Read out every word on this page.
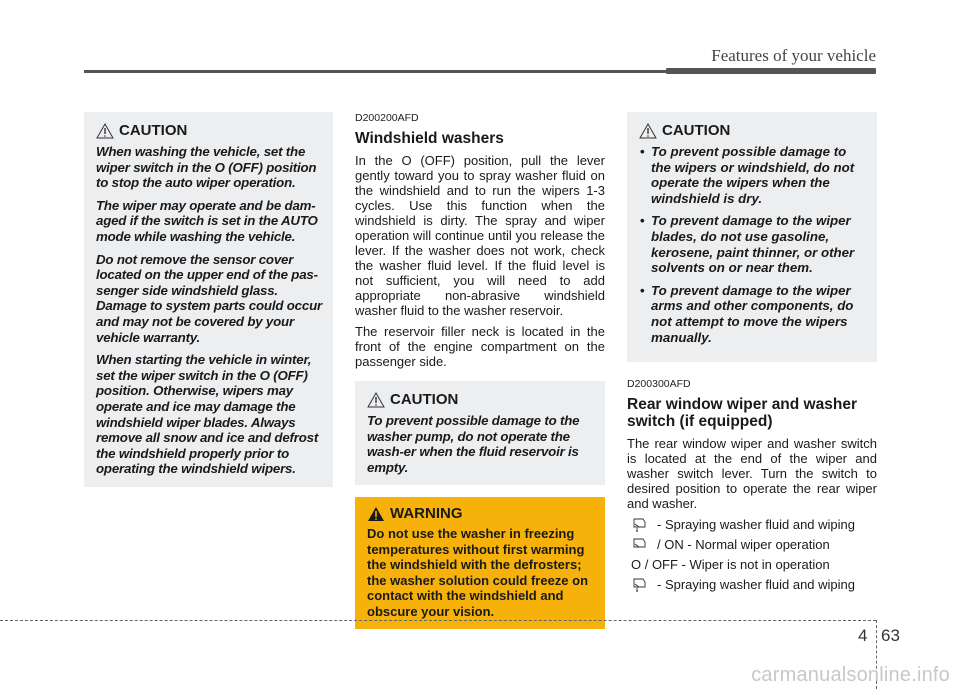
Features of your vehicle
CAUTION

When washing the vehicle, set the wiper switch in the O (OFF) position to stop the auto wiper operation.

The wiper may operate and be dam-aged if the switch is set in the AUTO mode while washing the vehicle.

Do not remove the sensor cover located on the upper end of the pas-senger side windshield glass. Damage to system parts could occur and may not be covered by your vehicle warranty.

When starting the vehicle in winter, set the wiper switch in the O (OFF) position. Otherwise, wipers may operate and ice may damage the windshield wiper blades. Always remove all snow and ice and defrost the windshield properly prior to operating the windshield wipers.

D200200AFD
Windshield washers

In the O (OFF) position, pull the lever gently toward you to spray washer fluid on the windshield and to run the wipers 1-3 cycles. Use this function when the windshield is dirty. The spray and wiper operation will continue until you release the lever. If the washer does not work, check the washer fluid level. If the fluid level is not sufficient, you will need to add appropriate non-abrasive windshield washer fluid to the washer reservoir.

The reservoir filler neck is located in the front of the engine compartment on the passenger side.

CAUTION

To prevent possible damage to the washer pump, do not operate the wash-er when the fluid reservoir is empty.

WARNING

Do not use the washer in freezing temperatures without first warming the windshield with the defrosters; the washer solution could freeze on contact with the windshield and obscure your vision.

CAUTION
• To prevent possible damage to the wipers or windshield, do not operate the wipers when the windshield is dry.
• To prevent damage to the wiper blades, do not use gasoline, kerosene, paint thinner, or other solvents on or near them.
• To prevent damage to the wiper arms and other components, do not attempt to move the wipers manually.
D200300AFD
Rear window wiper and washer switch (if equipped)

The rear window wiper and washer switch is located at the end of the wiper and washer switch lever. Turn the switch to desired position to operate the rear wiper and washer.

- Spraying washer fluid and wiping
/ ON - Normal wiper operation
O / OFF - Wiper is not in operation
- Spraying washer fluid and wiping
4 63
carmanualsonline.info
